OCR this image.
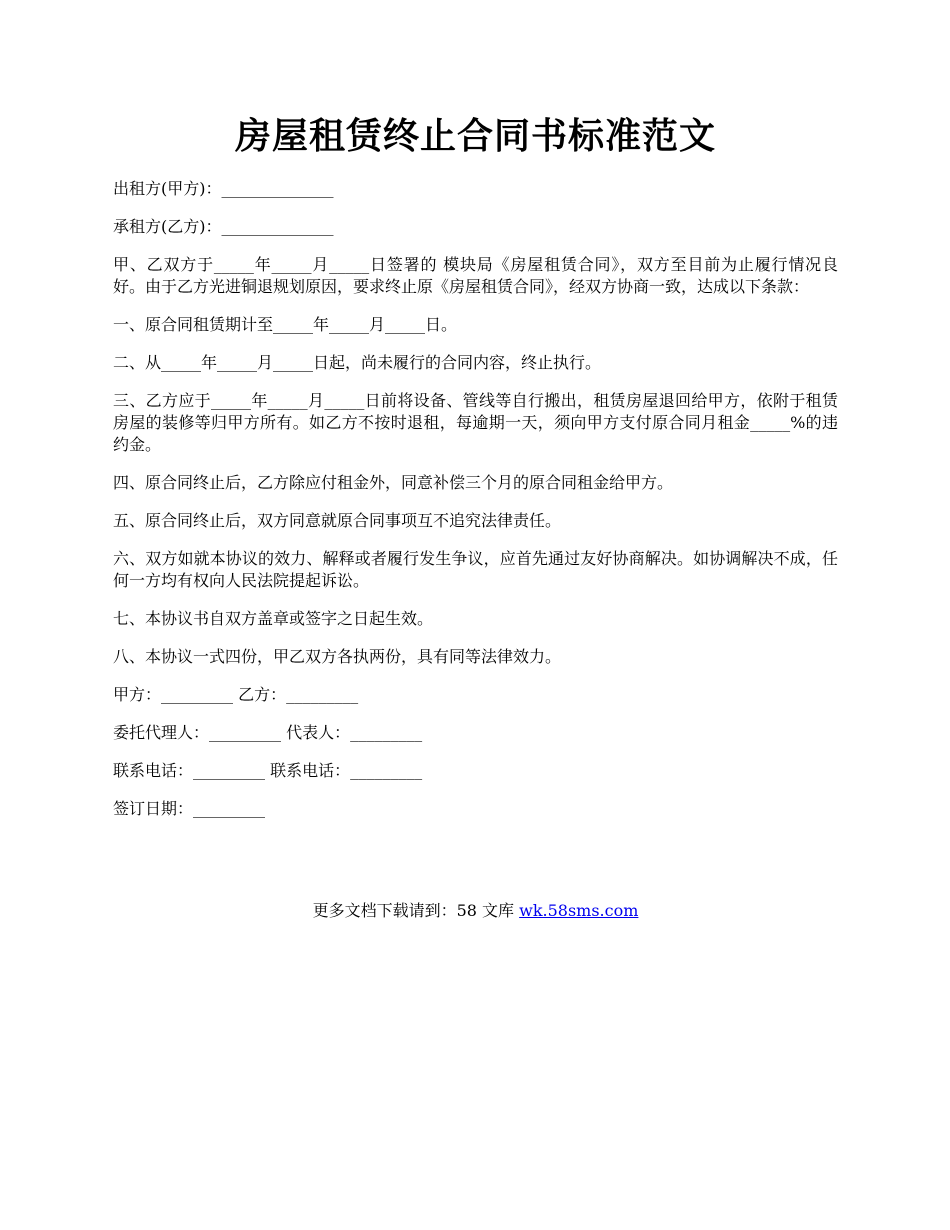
房屋租赁终止合同书标准范文

出租方(甲方)：______________

承租方(乙方)：______________

甲、乙双方于_____年_____月_____日签署的 模块局《房屋租赁合同》，双方至目前为止履行情况良好。由于乙方光进铜退规划原因，要求终止原《房屋租赁合同》，经双方协商一致，达成以下条款：

一、原合同租赁期计至_____年_____月_____日。

二、从_____年_____月_____日起，尚未履行的合同内容，终止执行。

三、乙方应于_____年_____月_____日前将设备、管线等自行搬出，租赁房屋退回给甲方，依附于租赁房屋的装修等归甲方所有。如乙方不按时退租，每逾期一天，须向甲方支付原合同月租金_____%的违约金。

四、原合同终止后，乙方除应付租金外，同意补偿三个月的原合同租金给甲方。

五、原合同终止后，双方同意就原合同事项互不追究法律责任。

六、双方如就本协议的效力、解释或者履行发生争议，应首先通过友好协商解决。如协调解决不成，任何一方均有权向人民法院提起诉讼。

七、本协议书自双方盖章或签字之日起生效。

八、本协议一式四份，甲乙双方各执两份，具有同等法律效力。

甲方：_________ 乙方：_________

委托代理人：_________ 代表人：_________

联系电话：_________ 联系电话：_________

签订日期：_________

更多文档下载请到：58 文库 wk.58sms.com
